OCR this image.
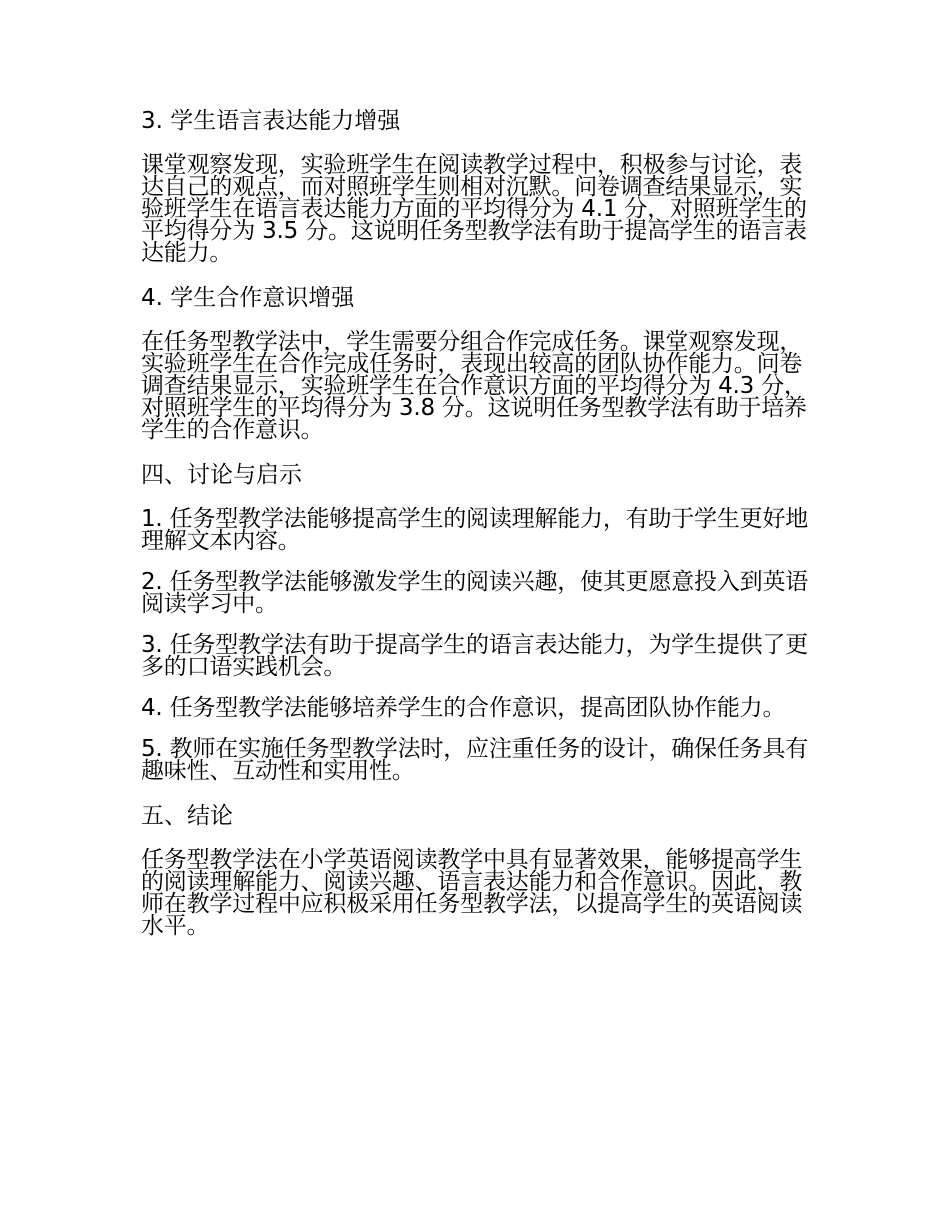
3. 学生语言表达能力增强
课堂观察发现，实验班学生在阅读教学过程中，积极参与讨论，表达自己的观点，而对照班学生则相对沉默。问卷调查结果显示，实验班学生在语言表达能力方面的平均得分为 4.1 分，对照班学生的平均得分为 3.5 分。这说明任务型教学法有助于提高学生的语言表达能力。
4. 学生合作意识增强
在任务型教学法中，学生需要分组合作完成任务。课堂观察发现，实验班学生在合作完成任务时，表现出较高的团队协作能力。问卷调查结果显示，实验班学生在合作意识方面的平均得分为 4.3 分，对照班学生的平均得分为 3.8 分。这说明任务型教学法有助于培养学生的合作意识。
四、讨论与启示
1. 任务型教学法能够提高学生的阅读理解能力，有助于学生更好地理解文本内容。
2. 任务型教学法能够激发学生的阅读兴趣，使其更愿意投入到英语阅读学习中。
3. 任务型教学法有助于提高学生的语言表达能力，为学生提供了更多的口语实践机会。
4. 任务型教学法能够培养学生的合作意识，提高团队协作能力。
5. 教师在实施任务型教学法时，应注重任务的设计，确保任务具有趣味性、互动性和实用性。
五、结论
任务型教学法在小学英语阅读教学中具有显著效果，能够提高学生的阅读理解能力、阅读兴趣、语言表达能力和合作意识。因此，教师在教学过程中应积极采用任务型教学法，以提高学生的英语阅读水平。
